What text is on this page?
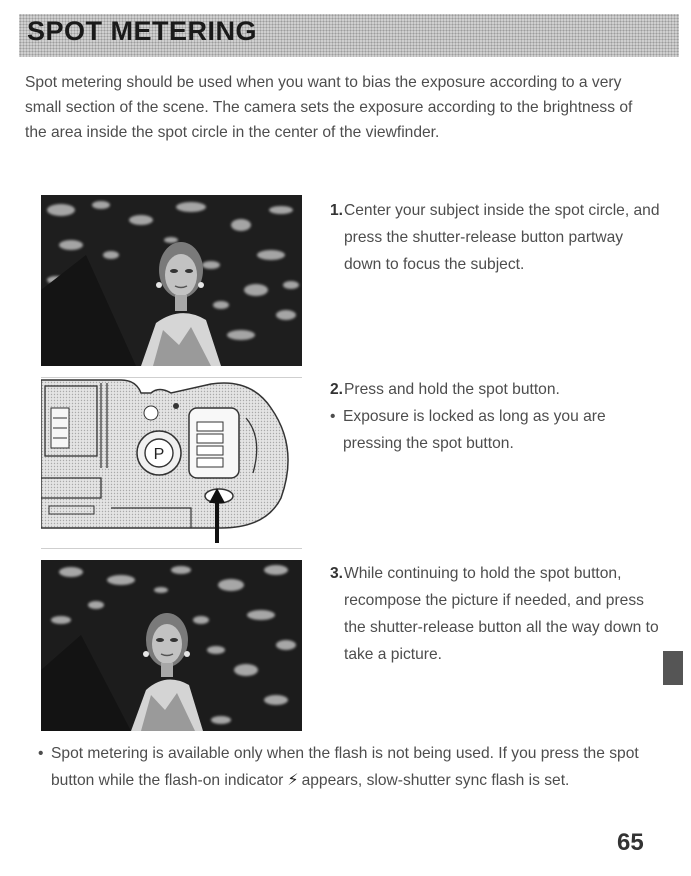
SPOT METERING

Spot metering should be used when you want to bias the exposure according to a very small section of the scene. The camera sets the exposure according to the brightness of the area inside the spot circle in the center of the viewfinder.

1. Center your subject inside the spot circle, and press the shutter-release button partway down to focus the subject.

P

2. Press and hold the spot button.

• Exposure is locked as long as you are pressing the spot button.

3. While continuing to hold the spot button, recompose the picture if needed, and press the shutter-release button all the way down to take a picture.

• Spot metering is available only when the flash is not being used. If you press the spot button while the flash-on indicator ⚡ appears, slow-shutter sync flash is set.

65
